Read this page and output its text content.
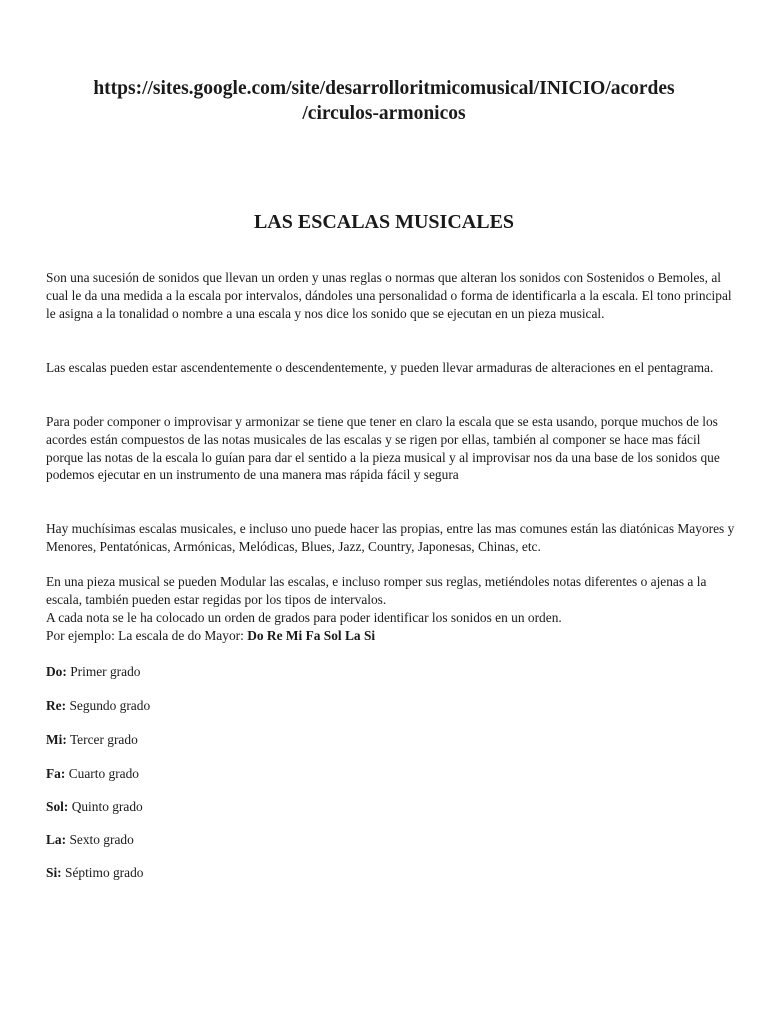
https://sites.google.com/site/desarrolloritmicomusical/INICIO/acordes
/circulos-armonicos
LAS ESCALAS MUSICALES

Son una sucesión de sonidos que llevan un orden y unas reglas o normas que alteran los sonidos con Sostenidos o Bemoles, al cual le da una medida a la escala por intervalos, dándoles una personalidad o forma de identificarla a la escala. El tono principal le asigna a la tonalidad o nombre a una escala y nos dice los sonido que se ejecutan en un pieza musical.

Las escalas pueden estar ascendentemente o descendentemente, y pueden llevar armaduras de alteraciones en el pentagrama.

Para poder componer o improvisar y armonizar se tiene que tener en claro la escala que se esta usando, porque muchos de los acordes están compuestos de las notas musicales de las escalas y se rigen por ellas, también al componer se hace mas fácil porque las notas de la escala lo guían para dar el sentido a la pieza musical y al improvisar nos da una base de los sonidos que podemos ejecutar en un instrumento de una manera mas rápida fácil y segura

Hay muchísimas escalas musicales, e incluso uno puede hacer las propias, entre las mas comunes están las diatónicas Mayores y Menores, Pentatónicas, Armónicas, Melódicas, Blues, Jazz, Country, Japonesas, Chinas, etc.

En una pieza musical se pueden Modular las escalas, e incluso romper sus reglas, metiéndoles notas diferentes o ajenas a la escala, también pueden estar regidas por los tipos de intervalos.

A cada nota se le ha colocado un orden de grados para poder identificar los sonidos en un orden.

Por ejemplo: La escala de do Mayor: Do Re Mi Fa Sol La Si

Do: Primer grado
Re: Segundo grado
Mi: Tercer grado
Fa: Cuarto grado
Sol: Quinto grado
La: Sexto grado
Si: Séptimo grado
